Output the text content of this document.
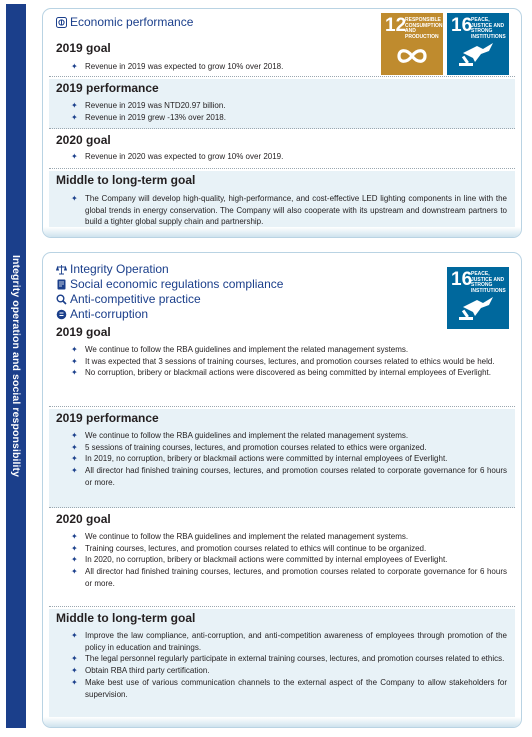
Integrity operation and social responsibility
Economic performance	12
RESPONSIBLE CONSUMPTION AND PRODUCTION
16
PEACE, JUSTICE AND STRONG INSTITUTIONS
2019 goal
✦ Revenue in 2019 was expected to grow 10% over 2018.
2019 performance
✦ Revenue in 2019 was NTD20.97 billion.
✦ Revenue in 2019 grew -13% over 2018.
2020 goal
✦ Revenue in 2020 was expected to grow 10% over 2019.
Middle to long-term goal
✦ The Company will develop high-quality, high-performance, and cost-effective LED lighting components in line with the global trends in energy conservation. The Company will also cooperate with its upstream and downstream partners to build a tighter global supply chain and partnership.
Integrity Operation
Social economic regulations compliance
Anti-competitive practice
Anti-corruption
16
PEACE, JUSTICE AND STRONG INSTITUTIONS
2019 goal
✦ We continue to follow the RBA guidelines and implement the related management systems.
✦ It was expected that 3 sessions of training courses, lectures, and promotion courses related to ethics would be held.
✦ No corruption, bribery or blackmail actions were discovered as being committed by internal employees of Everlight.
2019 performance
✦ We continue to follow the RBA guidelines and implement the related management systems.
✦ 5 sessions of training courses, lectures, and promotion courses related to ethics were organized.
✦ In 2019, no corruption, bribery or blackmail actions were committed by internal employees of Everlight.
✦ All director had finished training courses, lectures, and promotion courses related to corporate governance for 6 hours or more.
2020 goal
✦ We continue to follow the RBA guidelines and implement the related management systems.
✦ Training courses, lectures, and promotion courses related to ethics will continue to be organized.
✦ In 2020, no corruption, bribery or blackmail actions were committed by internal employees of Everlight.
✦ All director had finished training courses, lectures, and promotion courses related to corporate governance for 6 hours or more.
Middle to long-term goal
✦ Improve the law compliance, anti-corruption, and anti-competition awareness of employees through promotion of the policy in education and trainings.
✦ The legal personnel regularly participate in external training courses, lectures, and promotion courses related to ethics.
✦ Obtain RBA third party certification.
✦ Make best use of various communication channels to the external aspect of the Company to allow stakeholders for supervision.
